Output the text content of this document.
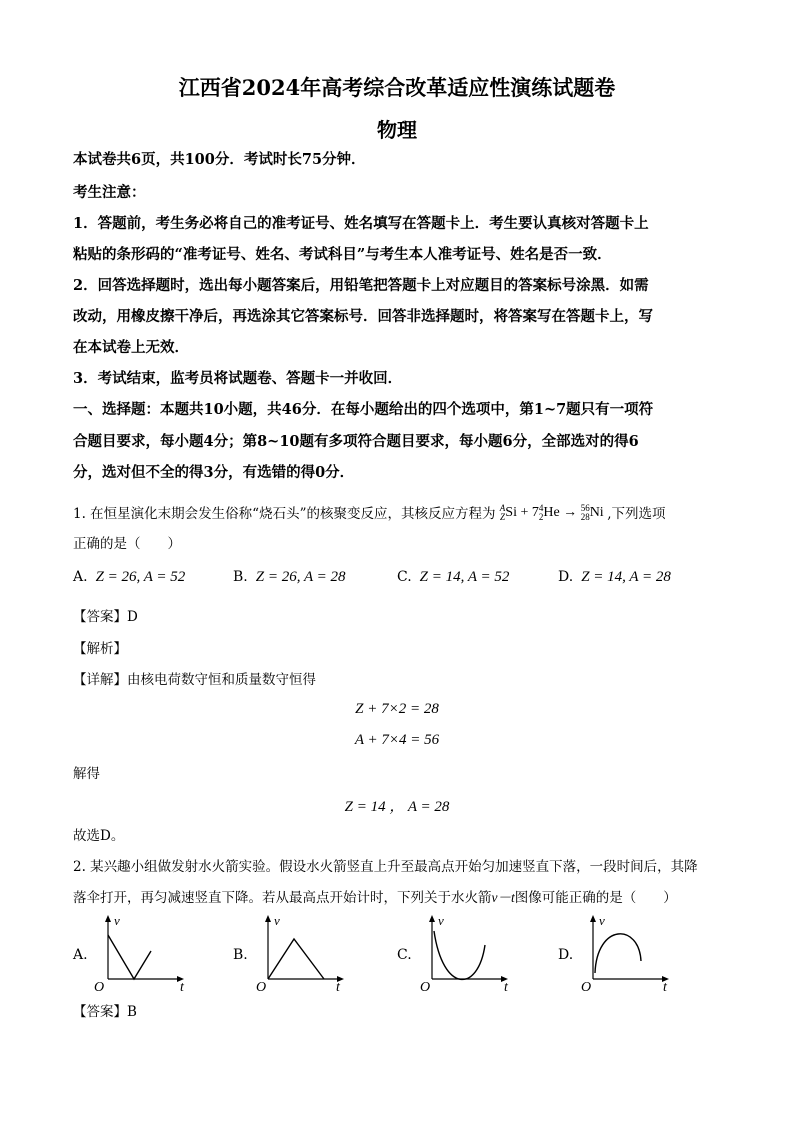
江西省2024年高考综合改革适应性演练试题卷
物理
本试卷共6页，共100分．考试时长75分钟．
考生注意：
1．答题前，考生务必将自己的准考证号、姓名填写在答题卡上．考生要认真核对答题卡上
粘贴的条形码的“准考证号、姓名、考试科目”与考生本人准考证号、姓名是否一致．
2．回答选择题时，选出每小题答案后，用铅笔把答题卡上对应题目的答案标号涂黑．如需
改动，用橡皮擦干净后，再选涂其它答案标号．回答非选择题时，将答案写在答题卡上，写
在本试卷上无效．
3．考试结束，监考员将试题卷、答题卡一并收回．
一、选择题：本题共10小题，共46分．在每小题给出的四个选项中，第1~7题只有一项符
合题目要求，每小题4分；第8~10题有多项符合题目要求，每小题6分，全部选对的得6
分，选对但不全的得3分，有选错的得0分．
1. 在恒星演化末期会发生俗称“烧石头”的核聚变反应，其核反应方程为 A
ZSi + 74
2He → 56
28Ni ,下列选项
正确的是（　　）
A. Z = 26, A = 52	B. Z = 26, A = 28	C. Z = 14, A = 52	D. Z = 14, A = 28
【答案】D
【解析】
【详解】由核电荷数守恒和质量数守恒得
Z + 7×2 = 28
A + 7×4 = 56
解得
Z = 14 ， A = 28
故选D。
2. 某兴趣小组做发射水火箭实验。假设水火箭竖直上升至最高点开始匀加速竖直下落，一段时间后，其降
落伞打开，再匀减速竖直下降。若从最高点开始计时，下列关于水火箭v－t图像可能正确的是（　　）
A.
v
O	t
B.
v
O	t
C.
v
O	t
D.
v
O	t
【答案】B
